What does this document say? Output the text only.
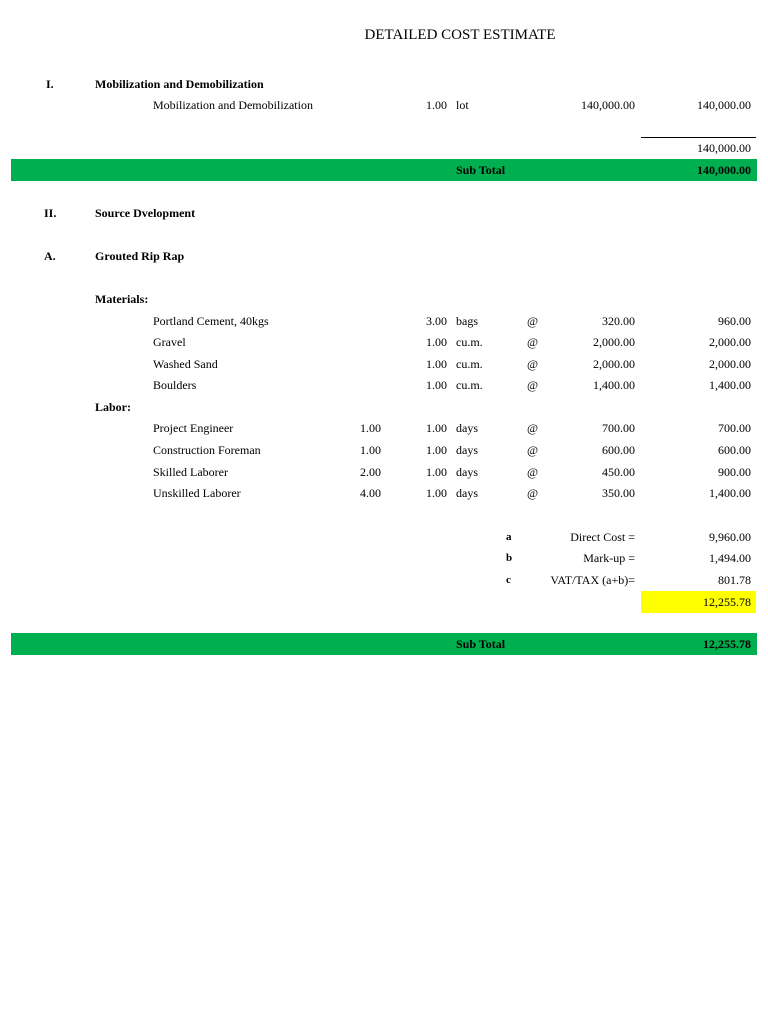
DETAILED COST ESTIMATE
I.	Mobilization and Demobilization
Mobilization and Demobilization	1.00 lot	140,000.00	140,000.00
140,000.00
Sub Total	140,000.00
II.	Source Dvelopment
A.	Grouted Rip Rap
Materials:
Portland Cement, 40kgs	3.00 bags	@	320.00	960.00
Gravel	1.00 cu.m.	@	2,000.00	2,000.00
Washed Sand	1.00 cu.m.	@	2,000.00	2,000.00
Boulders	1.00 cu.m.	@	1,400.00	1,400.00
Labor:
Project Engineer	1.00	1.00 days	@	700.00	700.00
Construction Foreman	1.00	1.00 days	@	600.00	600.00
Skilled Laborer	2.00	1.00 days	@	450.00	900.00
Unskilled Laborer	4.00	1.00 days	@	350.00	1,400.00
a	Direct Cost =	9,960.00
b	Mark-up =	1,494.00
c	VAT/TAX (a+b)=	801.78
12,255.78
Sub Total	12,255.78
